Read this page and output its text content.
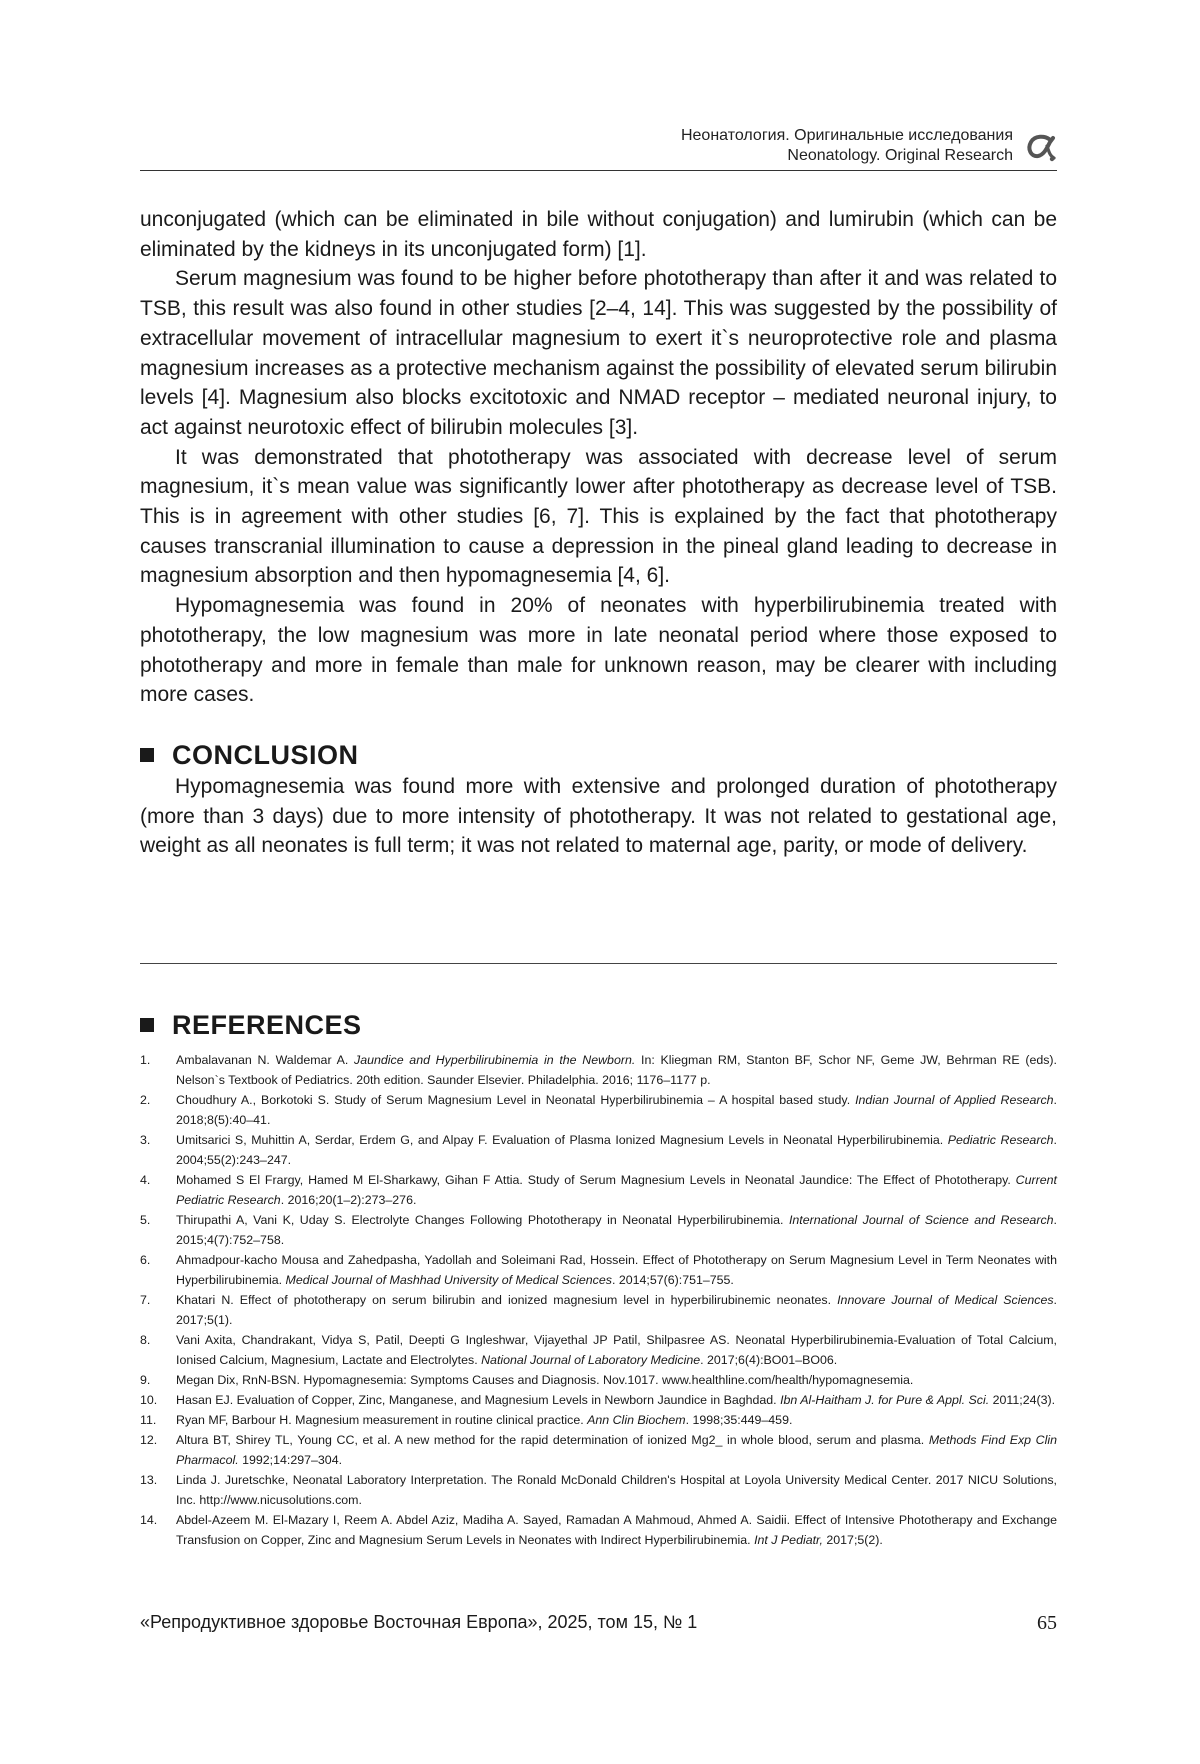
Неонатология. Оригинальные исследования
Neonatology. Original Research

unconjugated (which can be eliminated in bile without conjugation) and lumirubin (which can be eliminated by the kidneys in its unconjugated form) [1].

Serum magnesium was found to be higher before phototherapy than after it and was related to TSB, this result was also found in other studies [2–4, 14]. This was suggested by the possibility of extracellular movement of intracellular magnesium to exert it`s neuroprotective role and plasma magnesium increases as a protective mechanism against the possibility of elevated serum bilirubin levels [4]. Magnesium also blocks excitotoxic and NMAD receptor – mediated neuronal injury, to act against neurotoxic effect of bilirubin molecules [3].

It was demonstrated that phototherapy was associated with decrease level of serum magnesium, it`s mean value was significantly lower after phototherapy as decrease level of TSB. This is in agreement with other studies [6, 7]. This is explained by the fact that phototherapy causes transcranial illumination to cause a depression in the pineal gland leading to decrease in magnesium absorption and then hypomagnesemia [4, 6].

Hypomagnesemia was found in 20% of neonates with hyperbilirubinemia treated with phototherapy, the low magnesium was more in late neonatal period where those exposed to phototherapy and more in female than male for unknown reason, may be clearer with including more cases.

CONCLUSION

Hypomagnesemia was found more with extensive and prolonged duration of phototherapy (more than 3 days) due to more intensity of phototherapy. It was not related to gestational age, weight as all neonates is full term; it was not related to maternal age, parity, or mode of delivery.

REFERENCES
1.	Ambalavanan N. Waldemar A. Jaundice and Hyperbilirubinemia in the Newborn. In: Kliegman RM, Stanton BF, Schor NF, Geme JW, Behrman RE (eds). Nelson`s Textbook of Pediatrics. 20th edition. Saunder Elsevier. Philadelphia. 2016; 1176–1177 p.
2.	Choudhury A., Borkotoki S. Study of Serum Magnesium Level in Neonatal Hyperbilirubinemia – A hospital based study. Indian Journal of Applied Research. 2018;8(5):40–41.
3.	Umitsarici S, Muhittin A, Serdar, Erdem G, and Alpay F. Evaluation of Plasma Ionized Magnesium Levels in Neonatal Hyperbilirubinemia. Pediatric Research. 2004;55(2):243–247.
4.	Mohamed S El Frargy, Hamed M El-Sharkawy, Gihan F Attia. Study of Serum Magnesium Levels in Neonatal Jaundice: The Effect of Phototherapy. Current Pediatric Research. 2016;20(1–2):273–276.
5.	Thirupathi A, Vani K, Uday S. Electrolyte Changes Following Phototherapy in Neonatal Hyperbilirubinemia. International Journal of Science and Research. 2015;4(7):752–758.
6.	Ahmadpour-kacho Mousa and Zahedpasha, Yadollah and Soleimani Rad, Hossein. Effect of Phototherapy on Serum Magnesium Level in Term Neonates with Hyperbilirubinemia. Medical Journal of Mashhad University of Medical Sciences. 2014;57(6):751–755.
7.	Khatari N. Effect of phototherapy on serum bilirubin and ionized magnesium level in hyperbilirubinemic neonates. Innovare Journal of Medical Sciences. 2017;5(1).
8.	Vani Axita, Chandrakant, Vidya S, Patil, Deepti G Ingleshwar, Vijayethal JP Patil, Shilpasree AS. Neonatal Hyperbilirubinemia-Evaluation of Total Calcium, Ionised Calcium, Magnesium, Lactate and Electrolytes. National Journal of Laboratory Medicine. 2017;6(4):BO01–BO06.
9.	Megan Dix, RnN-BSN. Hypomagnesemia: Symptoms Causes and Diagnosis. Nov.1017. www.healthline.com/health/hypomagnesemia.
10.	Hasan EJ. Evaluation of Copper, Zinc, Manganese, and Magnesium Levels in Newborn Jaundice in Baghdad. Ibn Al-Haitham J. for Pure & Appl. Sci. 2011;24(3).
11.	Ryan MF, Barbour H. Magnesium measurement in routine clinical practice. Ann Clin Biochem. 1998;35:449–459.
12.	Altura BT, Shirey TL, Young CC, et al. A new method for the rapid determination of ionized Mg2_ in whole blood, serum and plasma. Methods Find Exp Clin Pharmacol. 1992;14:297–304.
13.	Linda J. Juretschke, Neonatal Laboratory Interpretation. The Ronald McDonald Children's Hospital at Loyola University Medical Center. 2017 NICU Solutions, Inc. http://www.nicusolutions.com.
14.	Abdel-Azeem M. El-Mazary I, Reem A. Abdel Aziz, Madiha A. Sayed, Ramadan A Mahmoud, Ahmed A. Saidii. Effect of Intensive Phototherapy and Exchange Transfusion on Copper, Zinc and Magnesium Serum Levels in Neonates with Indirect Hyperbilirubinemia. Int J Pediatr, 2017;5(2).
«Репродуктивное здоровье Восточная Европа», 2025, том 15, № 1	65
